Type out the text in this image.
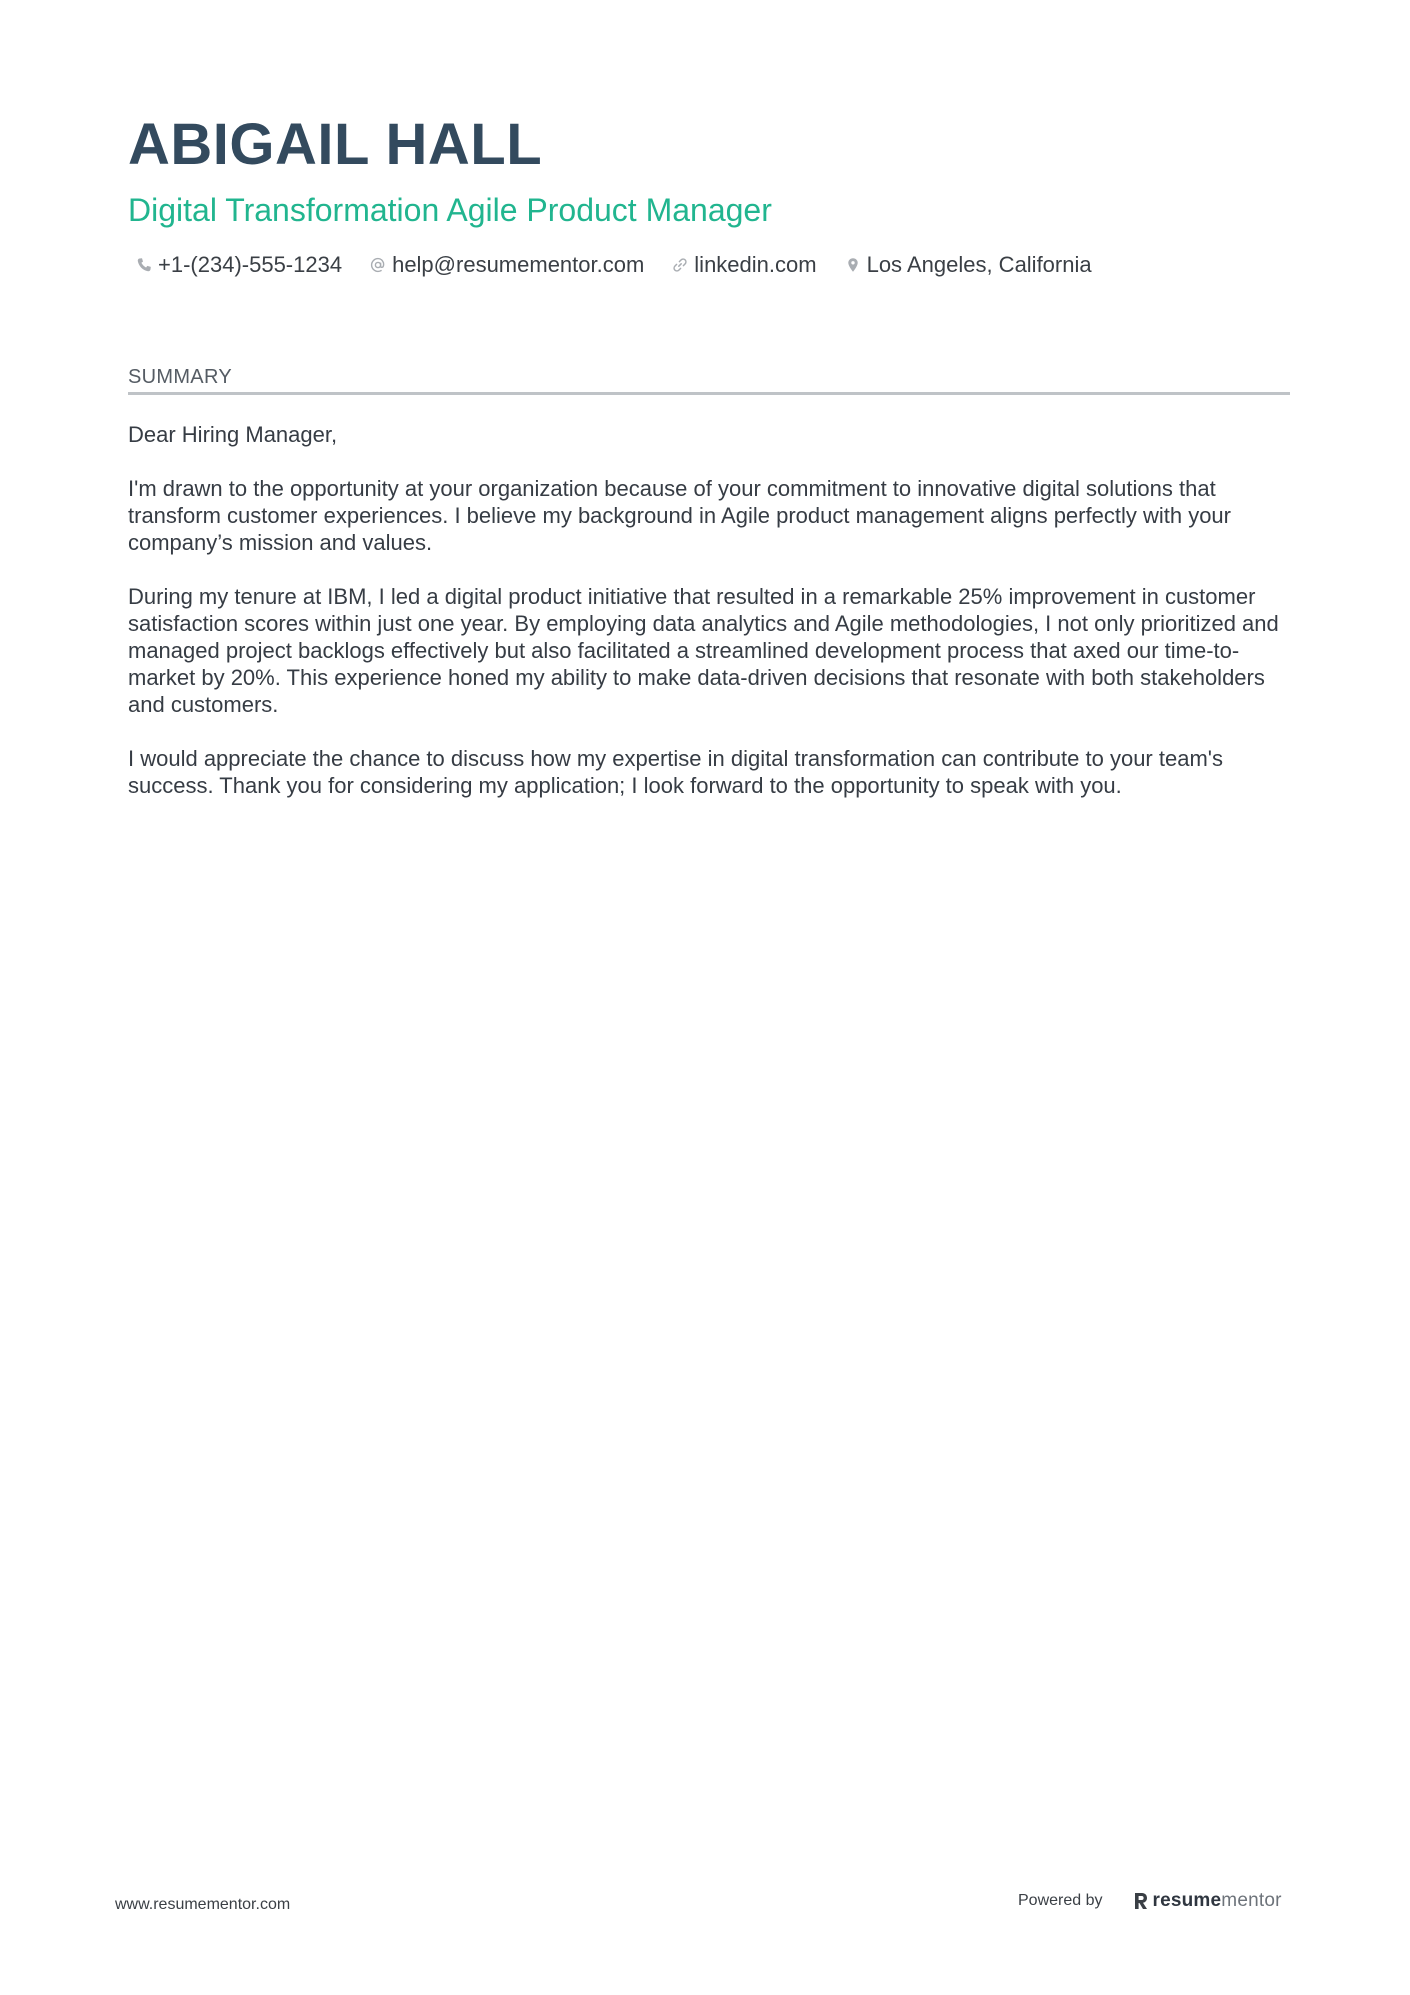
ABIGAIL HALL
Digital Transformation Agile Product Manager
+1-(234)-555-1234 help@resumementor.com linkedin.com Los Angeles, California
SUMMARY

Dear Hiring Manager,

I'm drawn to the opportunity at your organization because of your commitment to innovative digital solutions that transform customer experiences. I believe my background in Agile product management aligns perfectly with your company’s mission and values.

During my tenure at IBM, I led a digital product initiative that resulted in a remarkable 25% improvement in customer satisfaction scores within just one year. By employing data analytics and Agile methodologies, I not only prioritized and managed project backlogs effectively but also facilitated a streamlined development process that axed our time-to-market by 20%. This experience honed my ability to make data-driven decisions that resonate with both stakeholders and customers.

I would appreciate the chance to discuss how my expertise in digital transformation can contribute to your team's success. Thank you for considering my application; I look forward to the opportunity to speak with you.

www.resumementor.com	Powered by	resume mentor
